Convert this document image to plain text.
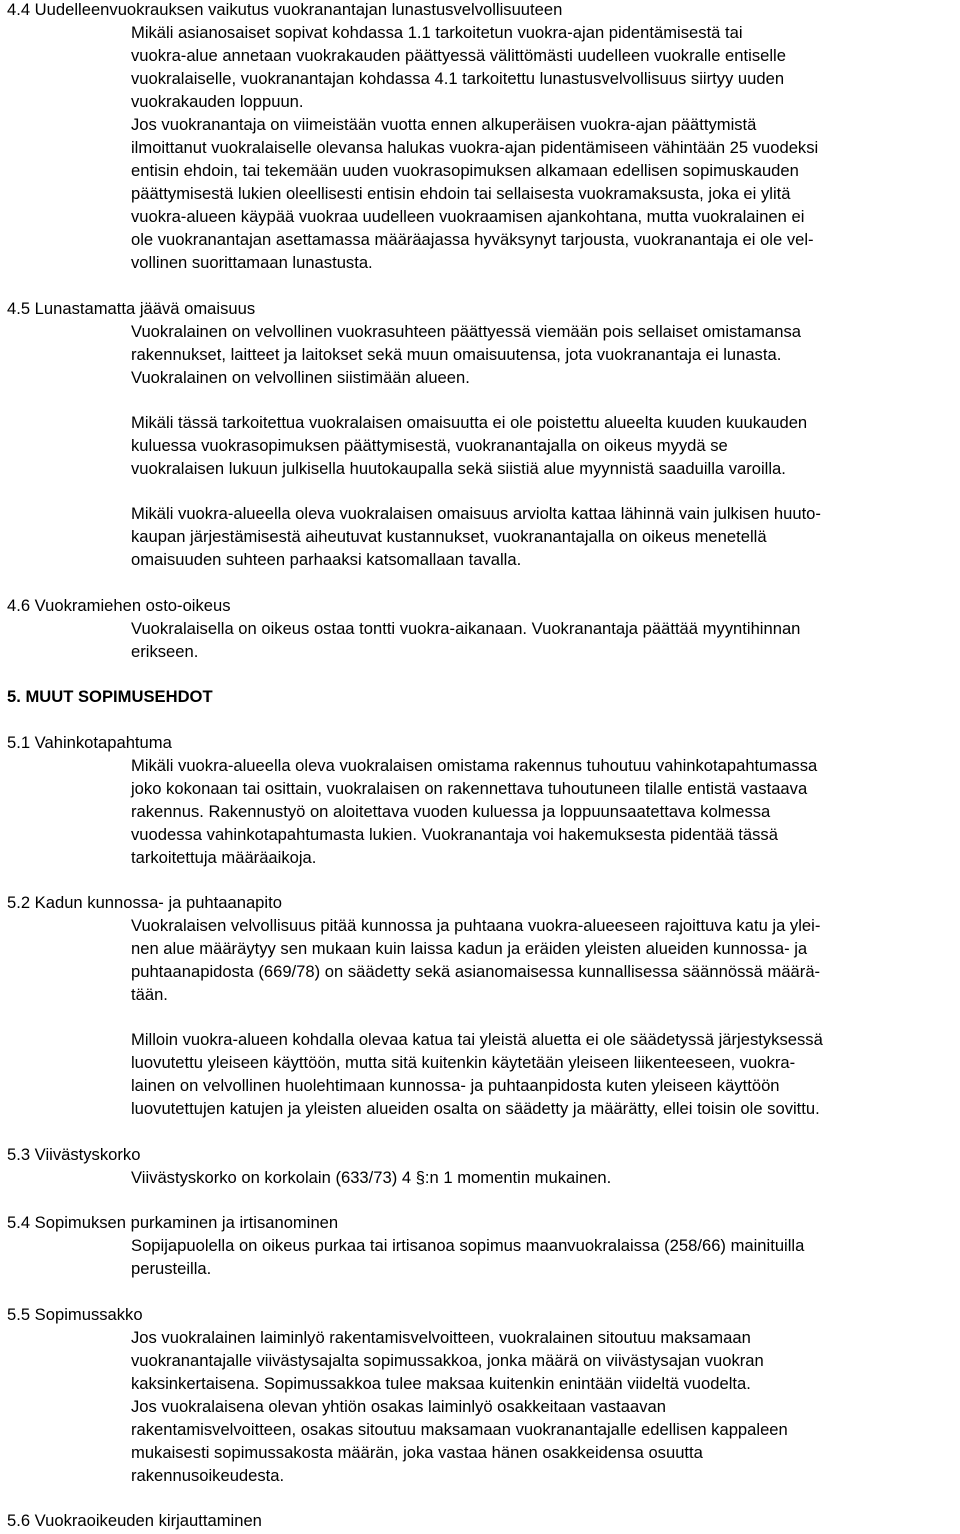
4.4 Uudelleenvuokrauksen vaikutus vuokranantajan lunastusvelvollisuuteen
Mikäli asianosaiset sopivat kohdassa 1.1 tarkoitetun vuokra-ajan pidentämisestä tai
vuokra-alue annetaan vuokrakauden päättyessä välittömästi uudelleen vuokralle entiselle
vuokralaiselle, vuokranantajan kohdassa 4.1 tarkoitettu lunastusvelvollisuus siirtyy uuden
vuokrakauden loppuun.
Jos vuokranantaja on viimeistään vuotta ennen alkuperäisen vuokra-ajan päättymistä
ilmoittanut vuokralaiselle olevansa halukas vuokra-ajan pidentämiseen vähintään 25 vuodeksi
entisin ehdoin, tai tekemään uuden vuokrasopimuksen alkamaan edellisen sopimuskauden
päättymisestä lukien oleellisesti entisin ehdoin tai sellaisesta vuokramaksusta, joka ei ylitä
vuokra-alueen käypää vuokraa uudelleen vuokraamisen ajankohtana, mutta vuokralainen ei
ole vuokranantajan asettamassa määräajassa hyväksynyt tarjousta, vuokranantaja ei ole vel-
vollinen suorittamaan lunastusta.
4.5 Lunastamatta jäävä omaisuus
Vuokralainen on velvollinen vuokrasuhteen päättyessä viemään pois sellaiset omistamansa
rakennukset, laitteet ja laitokset sekä muun omaisuutensa, jota vuokranantaja ei lunasta.
Vuokralainen on velvollinen siistimään alueen.
Mikäli tässä tarkoitettua vuokralaisen omaisuutta ei ole poistettu alueelta kuuden kuukauden
kuluessa vuokrasopimuksen päättymisestä, vuokranantajalla on oikeus myydä se
vuokralaisen lukuun julkisella huutokaupalla sekä siistiä alue myynnistä saaduilla varoilla.
Mikäli vuokra-alueella oleva vuokralaisen omaisuus arviolta kattaa lähinnä vain julkisen huuto-
kaupan järjestämisestä aiheutuvat kustannukset, vuokranantajalla on oikeus menetellä
omaisuuden suhteen parhaaksi katsomallaan tavalla.
4.6 Vuokramiehen osto-oikeus
Vuokralaisella on oikeus ostaa tontti vuokra-aikanaan. Vuokranantaja päättää myyntihinnan
erikseen.
5. MUUT SOPIMUSEHDOT
5.1 Vahinkotapahtuma
Mikäli vuokra-alueella oleva vuokralaisen omistama rakennus tuhoutuu vahinkotapahtumassa
joko kokonaan tai osittain, vuokralaisen on rakennettava tuhoutuneen tilalle entistä vastaava
rakennus. Rakennustyö on aloitettava vuoden kuluessa ja loppuunsaatettava kolmessa
vuodessa vahinkotapahtumasta lukien. Vuokranantaja voi hakemuksesta pidentää tässä
tarkoitettuja määräaikoja.
5.2 Kadun kunnossa- ja puhtaanapito
Vuokralaisen velvollisuus pitää kunnossa ja puhtaana vuokra-alueeseen rajoittuva katu ja ylei-
nen alue määräytyy sen mukaan kuin laissa kadun ja eräiden yleisten alueiden kunnossa- ja
puhtaanapidosta (669/78) on säädetty sekä asianomaisessa kunnallisessa säännössä määrä-
tään.
Milloin vuokra-alueen kohdalla olevaa katua tai yleistä aluetta ei ole säädetyssä järjestyksessä
luovutettu yleiseen käyttöön, mutta sitä kuitenkin käytetään yleiseen liikenteeseen, vuokra-
lainen on velvollinen huolehtimaan kunnossa- ja puhtaanpidosta kuten yleiseen käyttöön
luovutettujen katujen ja yleisten alueiden osalta on säädetty ja määrätty, ellei toisin ole sovittu.
5.3 Viivästyskorko
Viivästyskorko on korkolain (633/73) 4 §:n 1 momentin mukainen.
5.4 Sopimuksen purkaminen ja irtisanominen
Sopijapuolella on oikeus purkaa tai irtisanoa sopimus maanvuokralaissa (258/66) mainituilla
perusteilla.
5.5 Sopimussakko
Jos vuokralainen laiminlyö rakentamisvelvoitteen, vuokralainen sitoutuu maksamaan
vuokranantajalle viivästysajalta sopimussakkoa, jonka määrä on viivästysajan vuokran
kaksinkertaisena. Sopimussakkoa tulee maksaa kuitenkin enintään viideltä vuodelta.
Jos vuokralaisena olevan yhtiön osakas laiminlyö osakkeitaan vastaavan
rakentamisvelvoitteen, osakas sitoutuu maksamaan vuokranantajalle edellisen kappaleen
mukaisesti sopimussakosta määrän, joka vastaa hänen osakkeidensa osuutta
rakennusoikeudesta.
5.6 Vuokraoikeuden kirjauttaminen
